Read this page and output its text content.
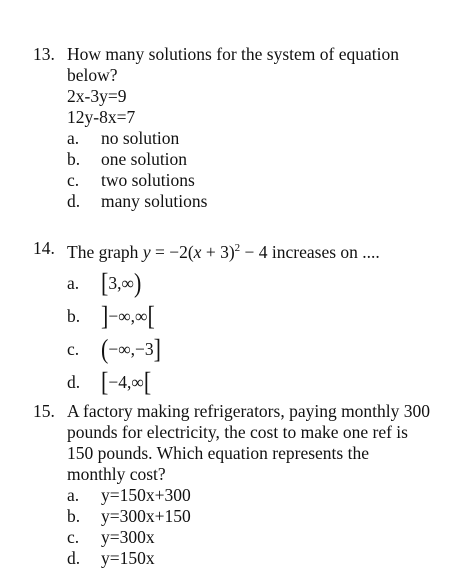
13. How many solutions for the system of equation
below?
2x-3y=9
12y-8x=7
a. no solution
b. one solution
c. two solutions
d. many solutions
14. The graph $y = -2(x + 3)^2 - 4$ increases on ....
a. [3,∞)
b. ]−∞,∞[
c. (−∞,−3]
d. [−4,∞[
15. A factory making refrigerators, paying monthly 300
pounds for electricity, the cost to make one ref is
150 pounds. Which equation represents the
monthly cost?
a. y=150x+300
b. y=300x+150
c. y=300x
d. y=150x
